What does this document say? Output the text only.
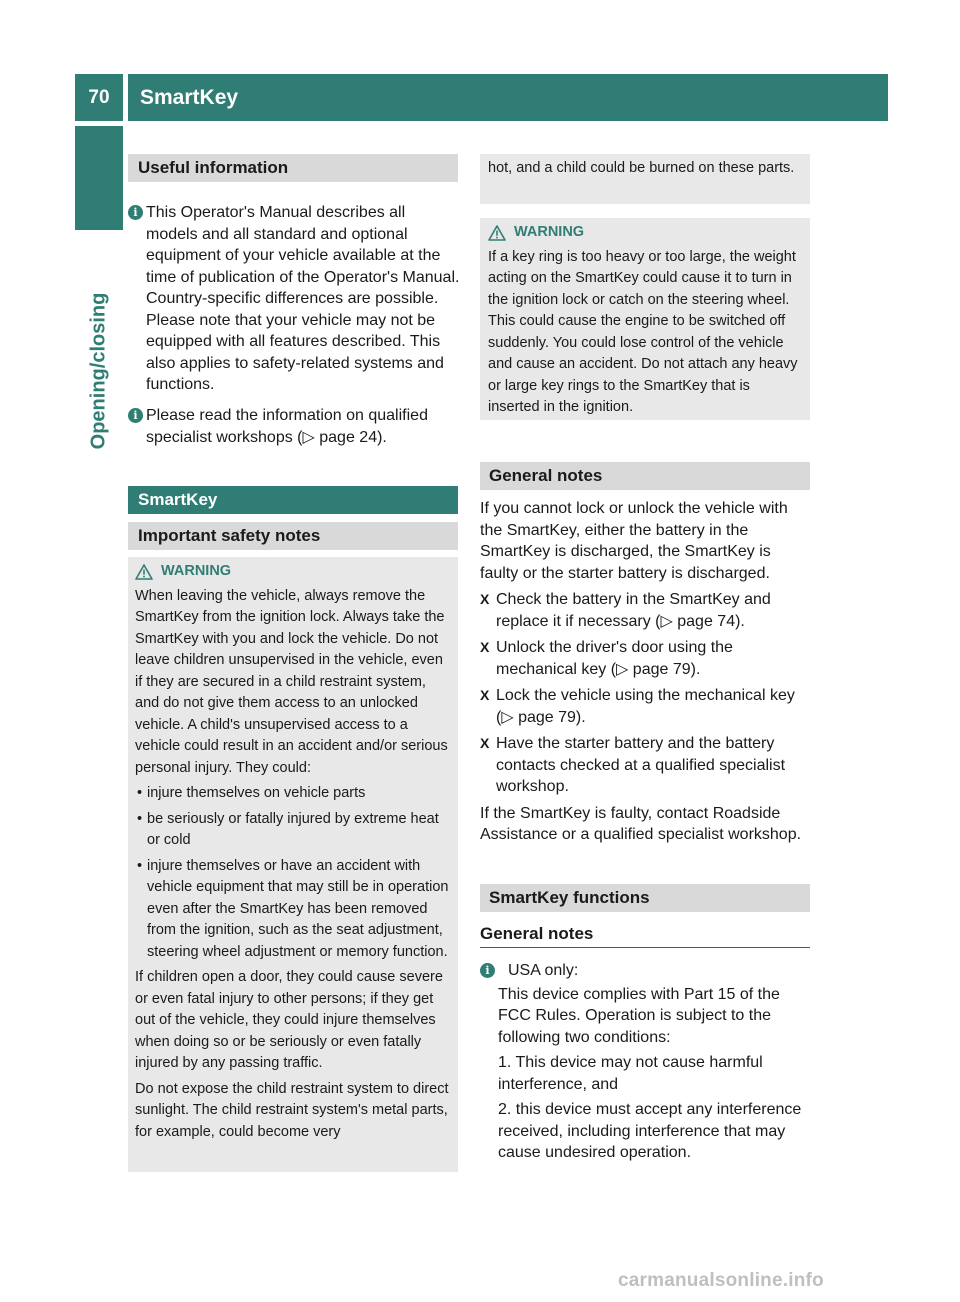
70	SmartKey
Opening/closing
Useful information
i This Operator's Manual describes all models and all standard and optional equipment of your vehicle available at the time of publication of the Operator's Manual. Country-specific differences are possible. Please note that your vehicle may not be equipped with all features described. This also applies to safety-related systems and functions.
i Please read the information on qualified specialist workshops (▷ page 24).
SmartKey
Important safety notes
WARNING

When leaving the vehicle, always remove the SmartKey from the ignition lock. Always take the SmartKey with you and lock the vehicle. Do not leave children unsupervised in the vehicle, even if they are secured in a child restraint system, and do not give them access to an unlocked vehicle. A child's unsupervised access to a vehicle could result in an accident and/or serious personal injury. They could:

• injure themselves on vehicle parts
• be seriously or fatally injured by extreme heat or cold
• injure themselves or have an accident with vehicle equipment that may still be in operation even after the SmartKey has been removed from the ignition, such as the seat adjustment, steering wheel adjustment or memory function.

If children open a door, they could cause severe or even fatal injury to other persons; if they get out of the vehicle, they could injure themselves when doing so or be seriously or even fatally injured by any passing traffic.

Do not expose the child restraint system to direct sunlight. The child restraint system's metal parts, for example, could become very

hot, and a child could be burned on these parts.

WARNING

If a key ring is too heavy or too large, the weight acting on the SmartKey could cause it to turn in the ignition lock or catch on the steering wheel. This could cause the engine to be switched off suddenly. You could lose control of the vehicle and cause an accident. Do not attach any heavy or large key rings to the SmartKey that is inserted in the ignition.

General notes

If you cannot lock or unlock the vehicle with the SmartKey, either the battery in the SmartKey is discharged, the SmartKey is faulty or the starter battery is discharged.

X Check the battery in the SmartKey and replace it if necessary (▷ page 74).
X Unlock the driver's door using the mechanical key (▷ page 79).
X Lock the vehicle using the mechanical key (▷ page 79).
X Have the starter battery and the battery contacts checked at a qualified specialist workshop.

If the SmartKey is faulty, contact Roadside Assistance or a qualified specialist workshop.

SmartKey functions
General notes
i	USA only:
This device complies with Part 15 of the FCC Rules. Operation is subject to the following two conditions:
1. This device may not cause harmful interference, and
2. this device must accept any interference received, including interference that may cause undesired operation.
carmanualsonline.info
